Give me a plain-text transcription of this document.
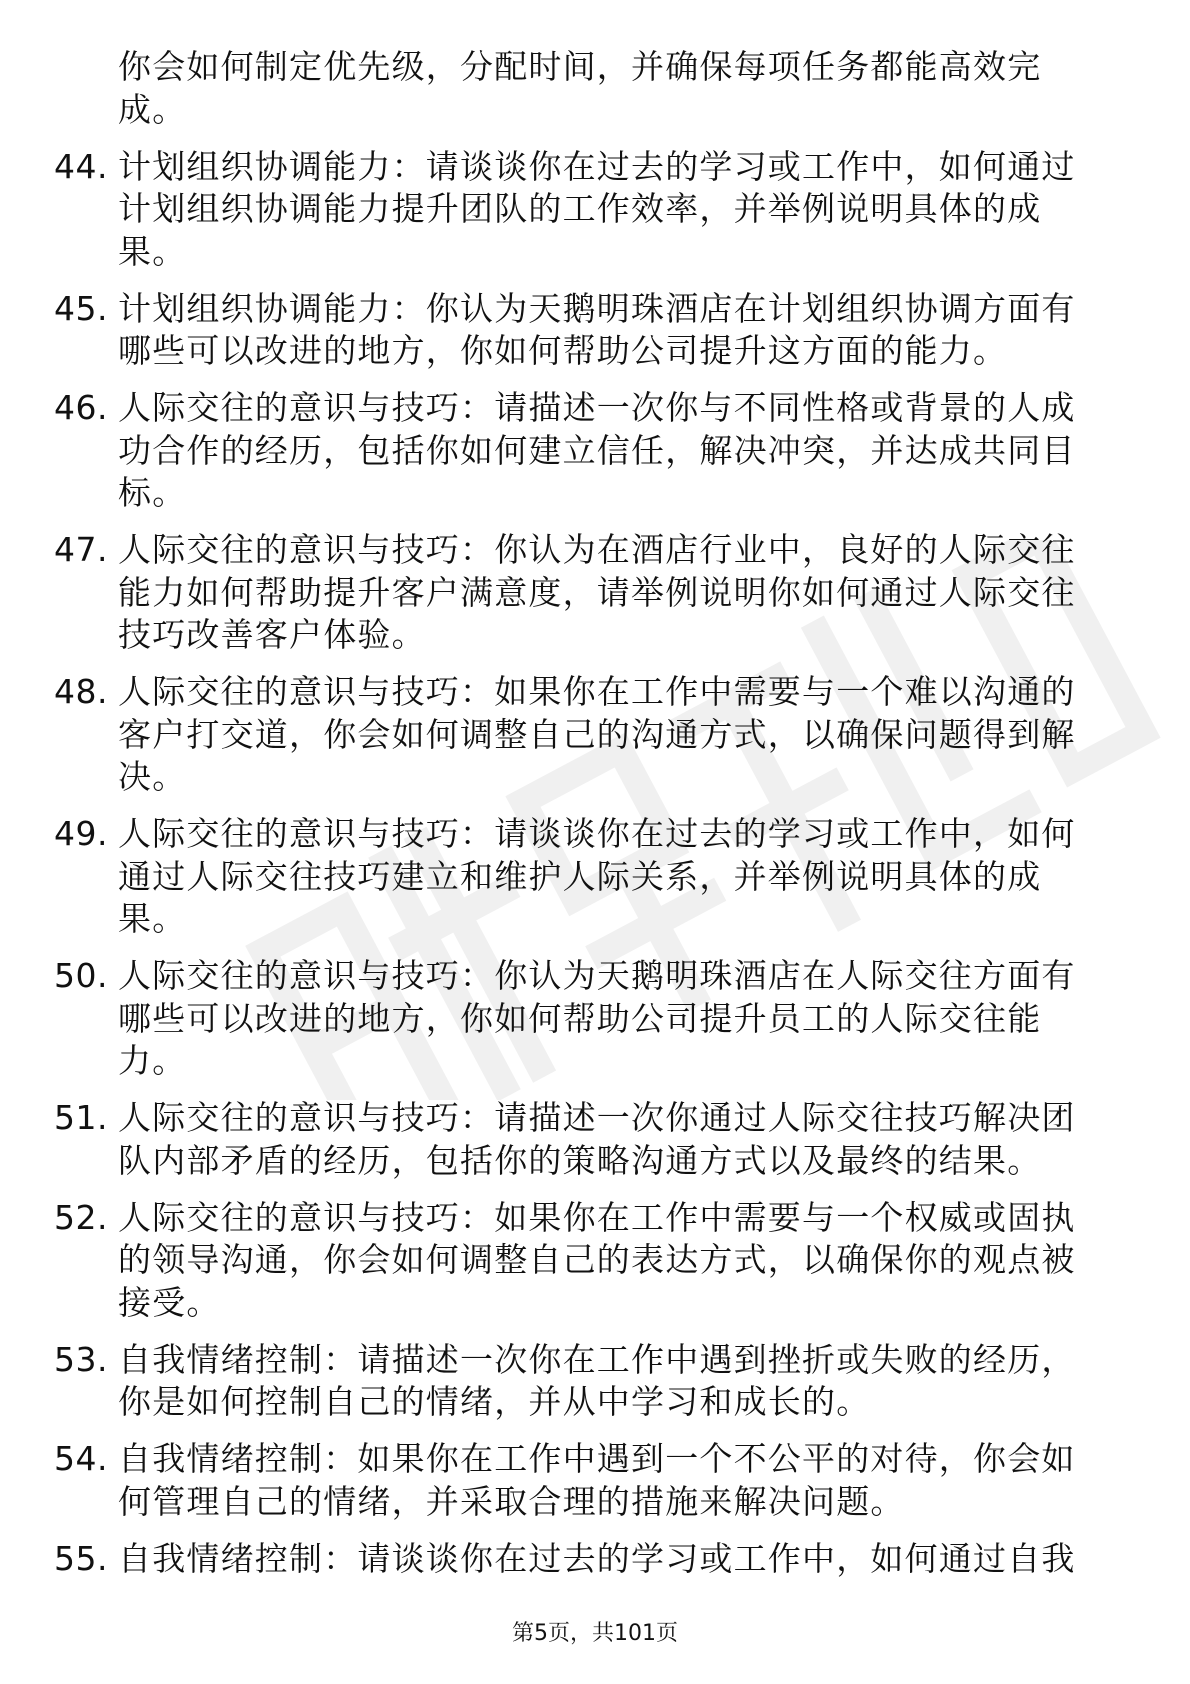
你会如何制定优先级，分配时间，并确保每项任务都能高效完成。
44. 计划组织协调能力：请谈谈你在过去的学习或工作中，如何通过计划组织协调能力提升团队的工作效率，并举例说明具体的成果。
45. 计划组织协调能力：你认为天鹅明珠酒店在计划组织协调方面有哪些可以改进的地方，你如何帮助公司提升这方面的能力。
46. 人际交往的意识与技巧：请描述一次你与不同性格或背景的人成功合作的经历，包括你如何建立信任，解决冲突，并达成共同目标。
47. 人际交往的意识与技巧：你认为在酒店行业中，良好的人际交往能力如何帮助提升客户满意度，请举例说明你如何通过人际交往技巧改善客户体验。
48. 人际交往的意识与技巧：如果你在工作中需要与一个难以沟通的客户打交道，你会如何调整自己的沟通方式，以确保问题得到解决。
49. 人际交往的意识与技巧：请谈谈你在过去的学习或工作中，如何通过人际交往技巧建立和维护人际关系，并举例说明具体的成果。
50. 人际交往的意识与技巧：你认为天鹅明珠酒店在人际交往方面有哪些可以改进的地方，你如何帮助公司提升员工的人际交往能力。
51. 人际交往的意识与技巧：请描述一次你通过人际交往技巧解决团队内部矛盾的经历，包括你的策略沟通方式以及最终的结果。
52. 人际交往的意识与技巧：如果你在工作中需要与一个权威或固执的领导沟通，你会如何调整自己的表达方式，以确保你的观点被接受。
53. 自我情绪控制：请描述一次你在工作中遇到挫折或失败的经历，你是如何控制自己的情绪，并从中学习和成长的。
54. 自我情绪控制：如果你在工作中遇到一个不公平的对待，你会如何管理自己的情绪，并采取合理的措施来解决问题。
55. 自我情绪控制：请谈谈你在过去的学习或工作中，如何通过自我
第5页，共101页
